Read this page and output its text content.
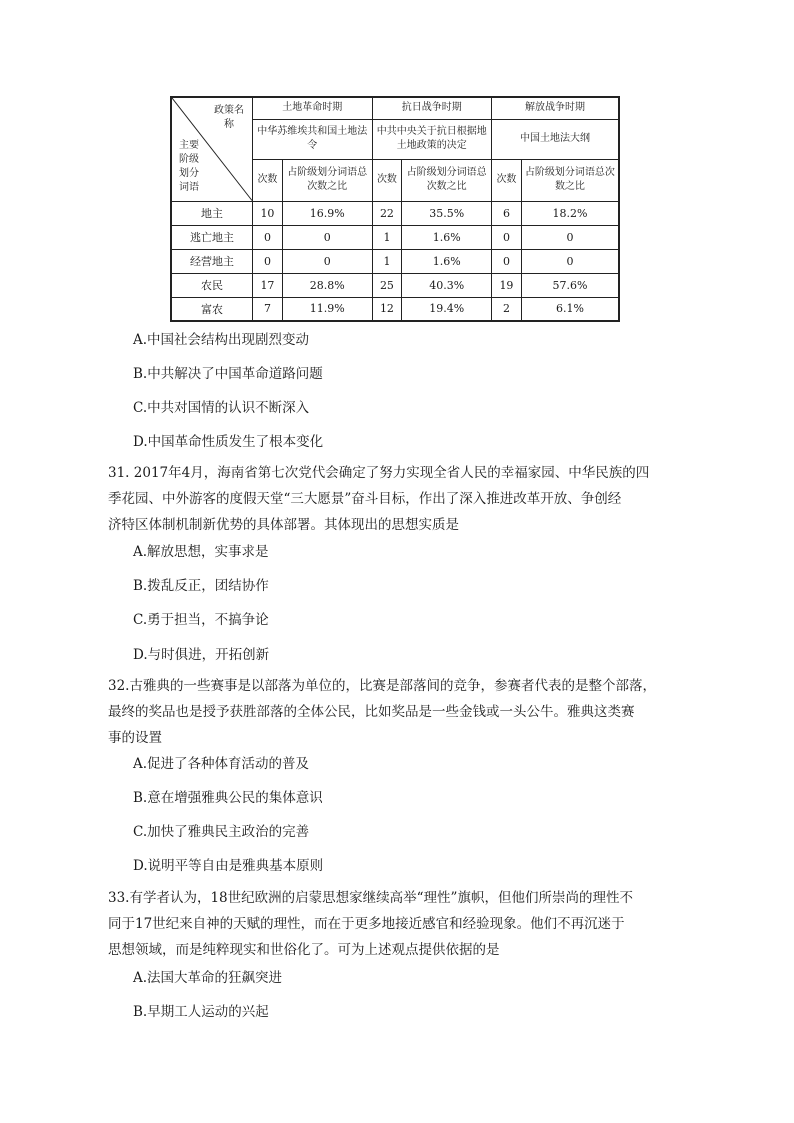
政策名称
主要阶级划分词语	土地革命时期		抗日战争时期		解放战争时期	
	中华苏维埃共和国土地法令		中共中央关于抗日根据地土地政策的决定		中国土地法大纲	
	次数	占阶级划分词语总次数之比	次数	占阶级划分词语总次数之比	次数	占阶级划分词语总次数之比
地主	10	16.9%	22	35.5%	6	18.2%
逃亡地主	0	0	1	1.6%	0	0
经营地主	0	0	1	1.6%	0	0
农民	17	28.8%	25	40.3%	19	57.6%
富农	7	11.9%	12	19.4%	2	6.1%
A.中国社会结构出现剧烈变动
B.中共解决了中国革命道路问题
C.中共对国情的认识不断深入
D.中国革命性质发生了根本变化
31. 2017年4月，海南省第七次党代会确定了努力实现全省人民的幸福家园、中华民族的四
季花园、中外游客的度假天堂“三大愿景”奋斗目标，作出了深入推进改革开放、争创经
济特区体制机制新优势的具体部署。其体现出的思想实质是
A.解放思想，实事求是
B.拨乱反正，团结协作
C.勇于担当，不搞争论
D.与时俱进，开拓创新
32.古雅典的一些赛事是以部落为单位的，比赛是部落间的竞争，参赛者代表的是整个部落，
最终的奖品也是授予获胜部落的全体公民，比如奖品是一些金钱或一头公牛。雅典这类赛
事的设置
A.促进了各种体育活动的普及
B.意在增强雅典公民的集体意识
C.加快了雅典民主政治的完善
D.说明平等自由是雅典基本原则
33.有学者认为，18世纪欧洲的启蒙思想家继续高举“理性”旗帜，但他们所崇尚的理性不
同于17世纪来自神的天赋的理性，而在于更多地接近感官和经验现象。他们不再沉迷于
思想领域，而是纯粹现实和世俗化了。可为上述观点提供依据的是
A.法国大革命的狂飙突进
B.早期工人运动的兴起
